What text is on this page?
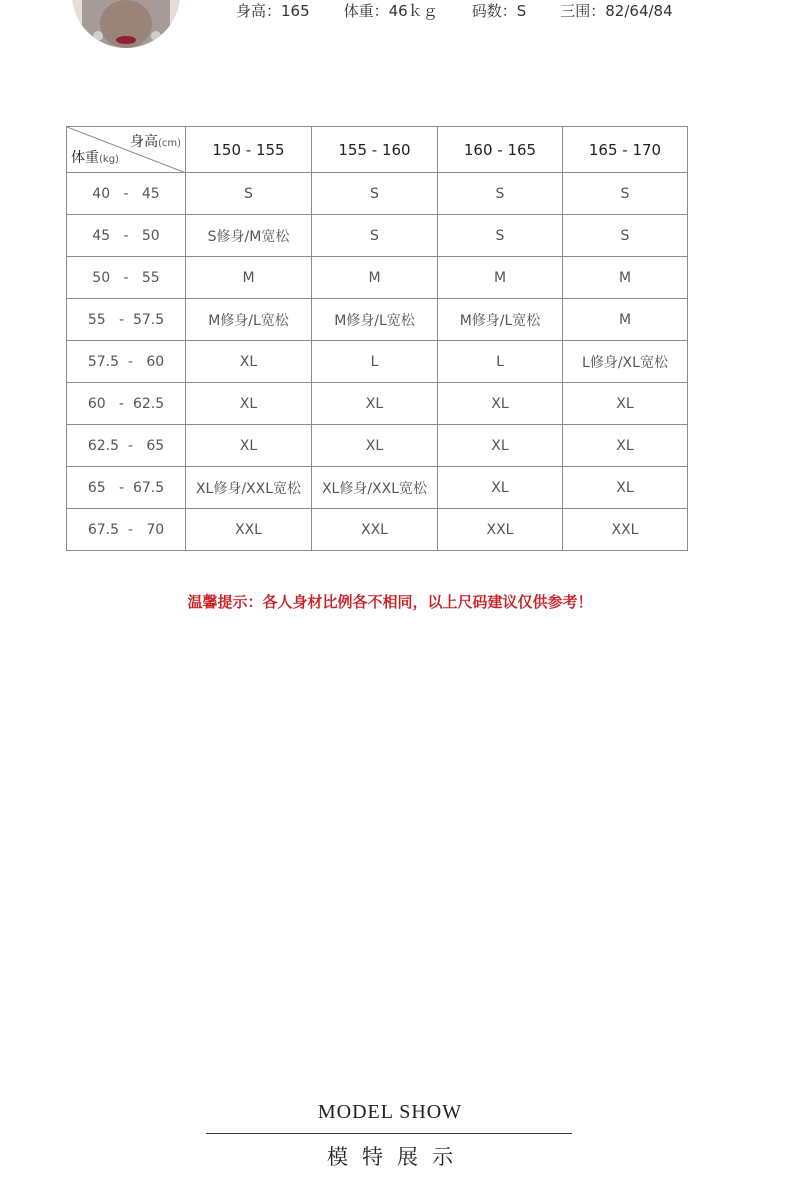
身高：165 体重：46ｋｇ 码数：S 三围：82/64/84
身高(cm)
体重(kg)	150 - 155	155 - 160	160 - 165	165 - 170
40   -   45	S	S	S	S
45   -   50	S修身/M宽松	S	S	S
50   -   55	M	M	M	M
55   -  57.5	M修身/L宽松	M修身/L宽松	M修身/L宽松	M
57.5  -   60	XL	L	L	L修身/XL宽松
60   -  62.5	XL	XL	XL	XL
62.5  -   65	XL	XL	XL	XL
65   -  67.5	XL修身/XXL宽松	XL修身/XXL宽松	XL	XL
67.5  -   70	XXL	XXL	XXL	XXL
温馨提示：各人身材比例各不相同，以上尺码建议仅供参考！
MODEL SHOW
模特展示
